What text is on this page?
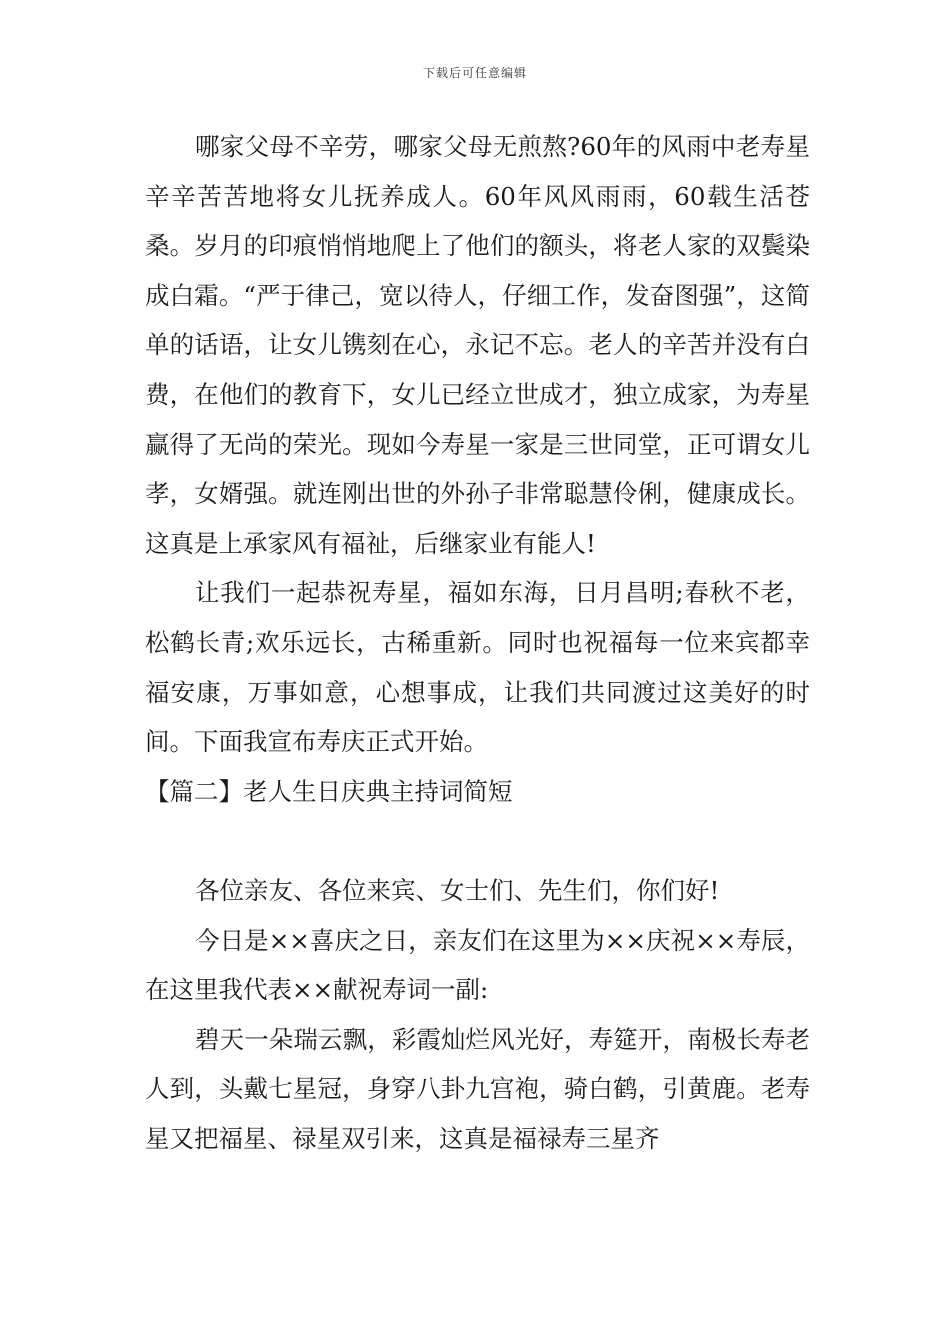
下载后可任意编辑

哪家父母不辛劳，哪家父母无煎熬?60年的风雨中老寿星辛辛苦苦地将女儿抚养成人。60年风风雨雨，60载生活苍桑。岁月的印痕悄悄地爬上了他们的额头，将老人家的双鬓染成白霜。“严于律己，宽以待人，仔细工作，发奋图强”，这简单的话语，让女儿镌刻在心，永记不忘。老人的辛苦并没有白费，在他们的教育下，女儿已经立世成才，独立成家，为寿星赢得了无尚的荣光。现如今寿星一家是三世同堂，正可谓女儿孝，女婿强。就连刚出世的外孙子非常聪慧伶俐，健康成长。这真是上承家风有福祉，后继家业有能人!

让我们一起恭祝寿星，福如东海，日月昌明;春秋不老，松鹤长青;欢乐远长，古稀重新。同时也祝福每一位来宾都幸福安康，万事如意，心想事成，让我们共同渡过这美好的时间。下面我宣布寿庆正式开始。

【篇二】老人生日庆典主持词简短

各位亲友、各位来宾、女士们、先生们，你们好!

今日是××喜庆之日，亲友们在这里为××庆祝××寿辰，在这里我代表××献祝寿词一副:

碧天一朵瑞云飘，彩霞灿烂风光好，寿筵开，南极长寿老人到，头戴七星冠，身穿八卦九宫袍，骑白鹤，引黄鹿。老寿星又把福星、禄星双引来，这真是福禄寿三星齐
